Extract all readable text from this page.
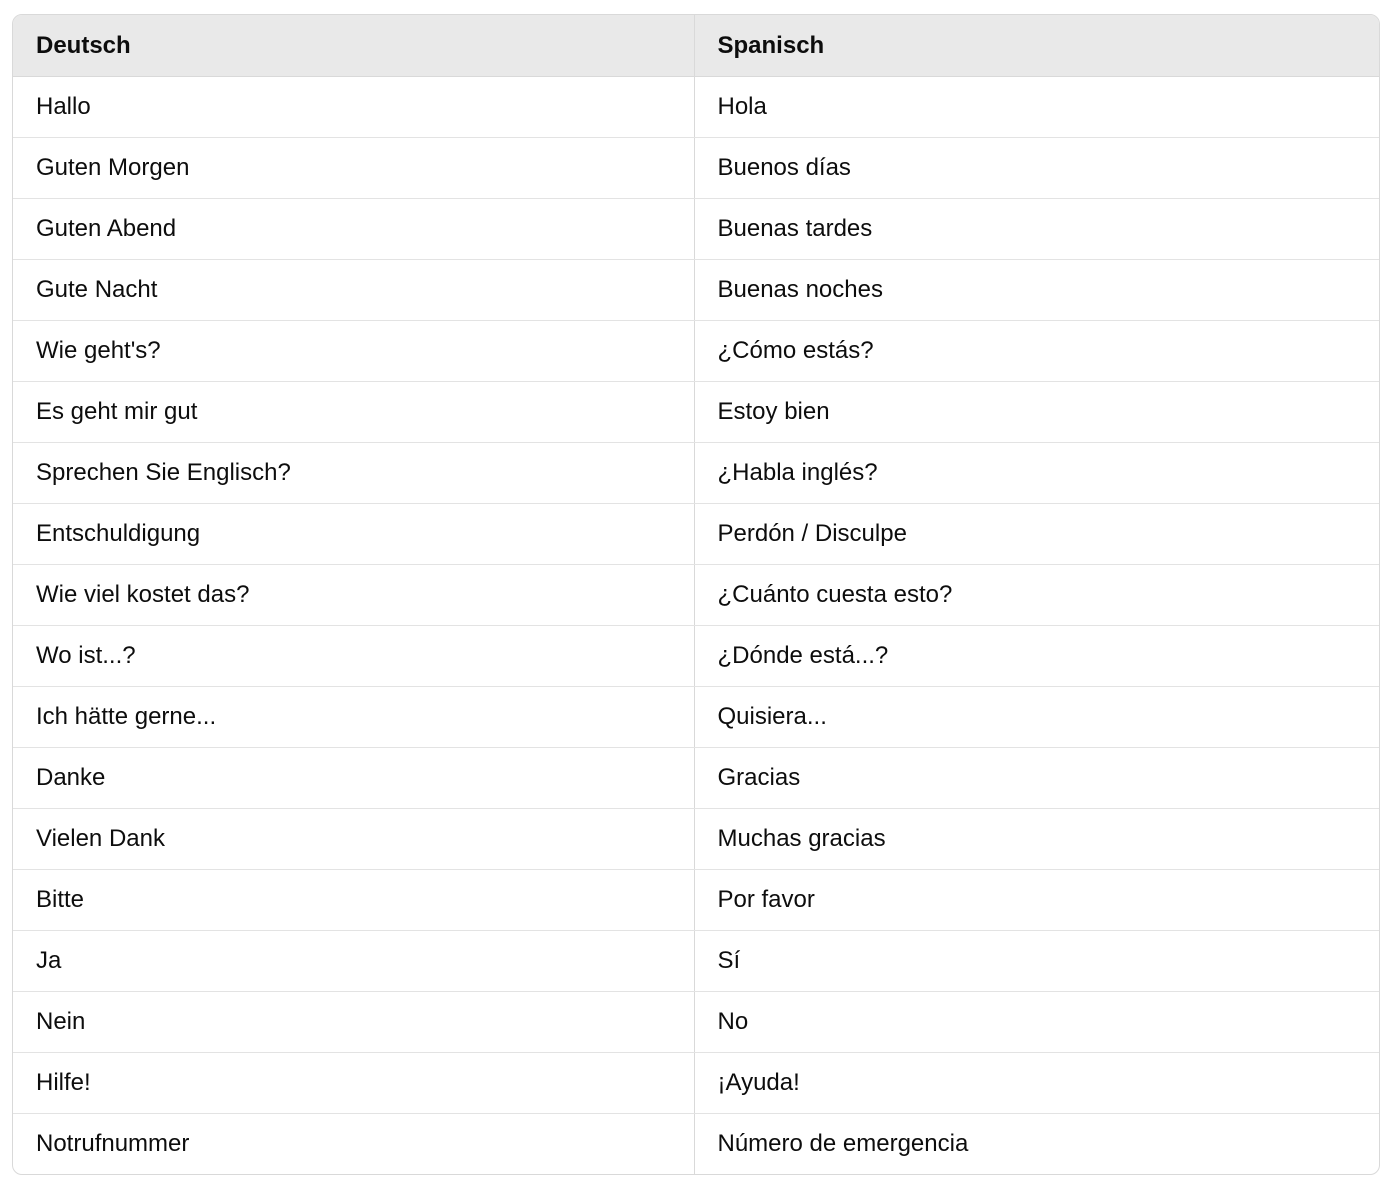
Deutsch	Spanisch
Hallo	Hola
Guten Morgen	Buenos días
Guten Abend	Buenas tardes
Gute Nacht	Buenas noches
Wie geht's?	¿Cómo estás?
Es geht mir gut	Estoy bien
Sprechen Sie Englisch?	¿Habla inglés?
Entschuldigung	Perdón / Disculpe
Wie viel kostet das?	¿Cuánto cuesta esto?
Wo ist...?	¿Dónde está...?
Ich hätte gerne...	Quisiera...
Danke	Gracias
Vielen Dank	Muchas gracias
Bitte	Por favor
Ja	Sí
Nein	No
Hilfe!	¡Ayuda!
Notrufnummer	Número de emergencia
